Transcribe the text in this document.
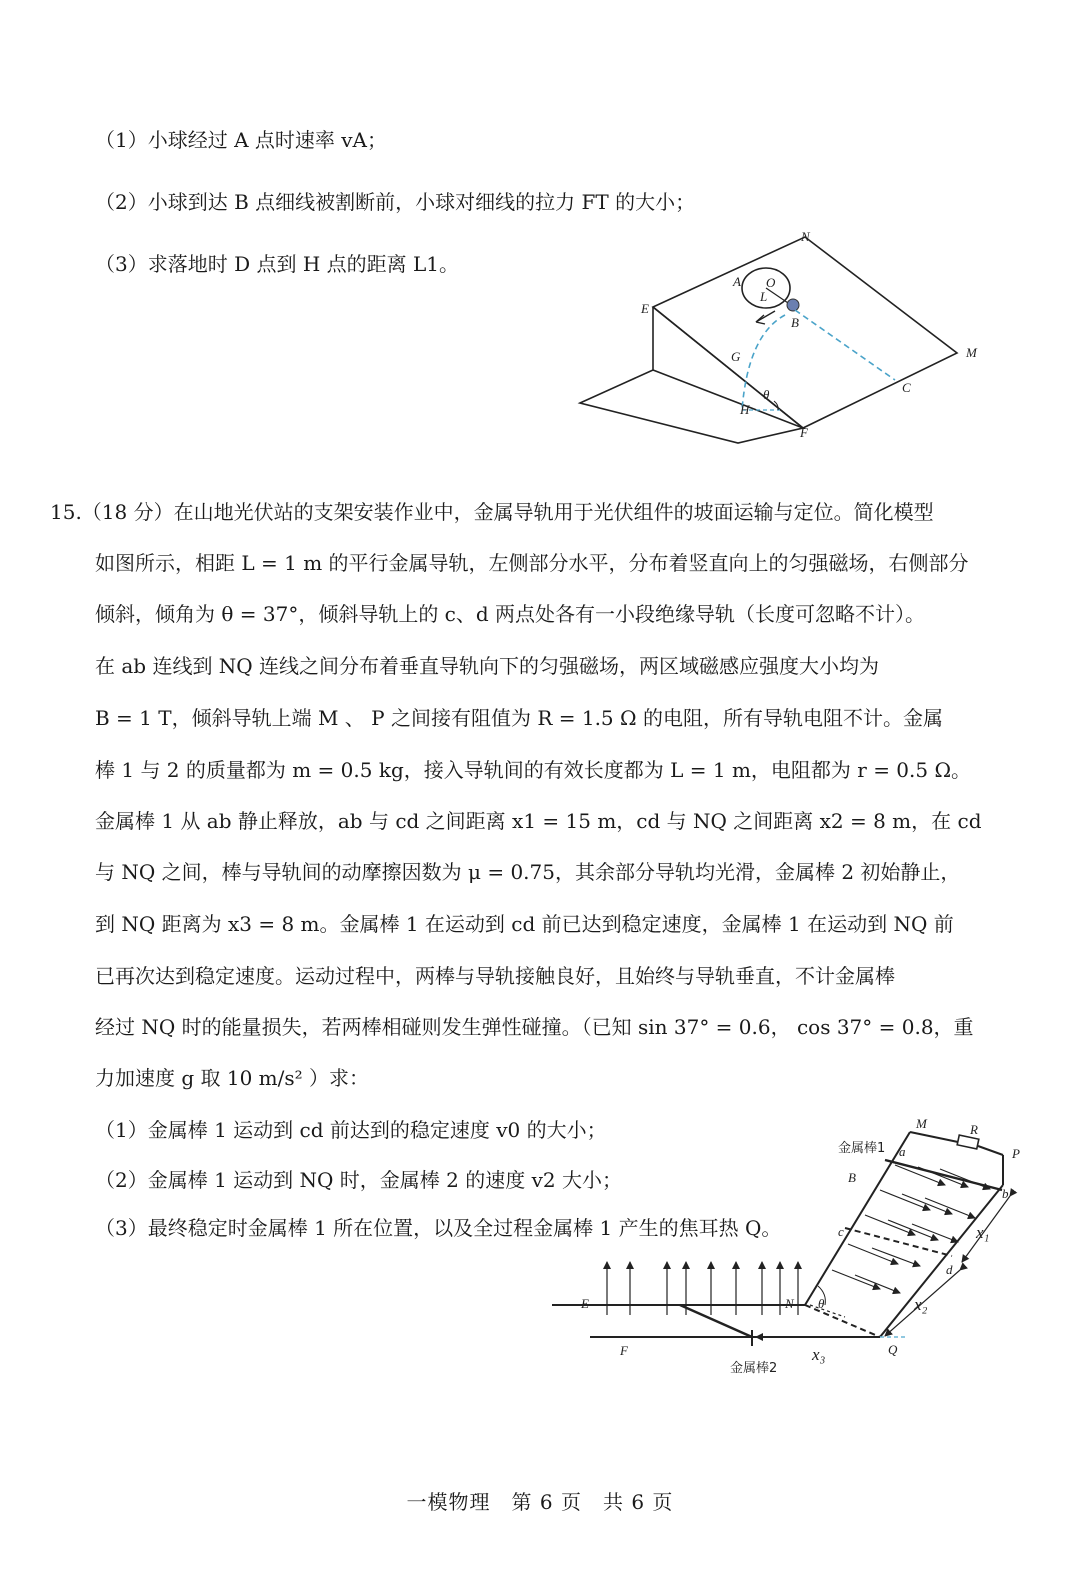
（1）小球经过 A 点时速率 vA；
（2）小球到达 B 点细线被割断前，小球对细线的拉力 FT 的大小；
（3）求落地时 D 点到 H 点的距离 L1。
N
E
A O
L
B
M
G
C
θ
H
F
15.（18 分）在山地光伏站的支架安装作业中，金属导轨用于光伏组件的坡面运输与定位。简化模型
如图所示，相距 L = 1 m 的平行金属导轨，左侧部分水平，分布着竖直向上的匀强磁场，右侧部分
倾斜，倾角为 θ = 37°，倾斜导轨上的 c、d 两点处各有一小段绝缘导轨（长度可忽略不计）。
在 ab 连线到 NQ 连线之间分布着垂直导轨向下的匀强磁场，两区域磁感应强度大小均为
B = 1 T，倾斜导轨上端 M 、 P 之间接有阻值为 R = 1.5 Ω 的电阻，所有导轨电阻不计。金属
棒 1 与 2 的质量都为 m = 0.5 kg，接入导轨间的有效长度都为 L = 1 m，电阻都为 r = 0.5 Ω。
金属棒 1 从 ab 静止释放，ab 与 cd 之间距离 x1 = 15 m，cd 与 NQ 之间距离 x2 = 8 m，在 cd
与 NQ 之间，棒与导轨间的动摩擦因数为 μ = 0.75，其余部分导轨均光滑，金属棒 2 初始静止，
到 NQ 距离为 x3 = 8 m。金属棒 1 在运动到 cd 前已达到稳定速度，金属棒 1 在运动到 NQ 前
已再次达到稳定速度。运动过程中，两棒与导轨接触良好，且始终与导轨垂直，不计金属棒
经过 NQ 时的能量损失，若两棒相碰则发生弹性碰撞。（已知 sin 37° = 0.6， cos 37° = 0.8，重
力加速度 g 取 10 m/s² ）求：
（1）金属棒 1 运动到 cd 前达到的稳定速度 v0 的大小；
（2）金属棒 1 运动到 NQ 时，金属棒 2 的速度 v2 大小；
（3）最终稳定时金属棒 1 所在位置，以及全过程金属棒 1 产生的焦耳热 Q。
M	R
P
金属棒1 a
B
b
c	x₁
d
E	N θ	x₂
F	Q
x₃
金属棒2
一模物理　第 6 页　共 6 页
